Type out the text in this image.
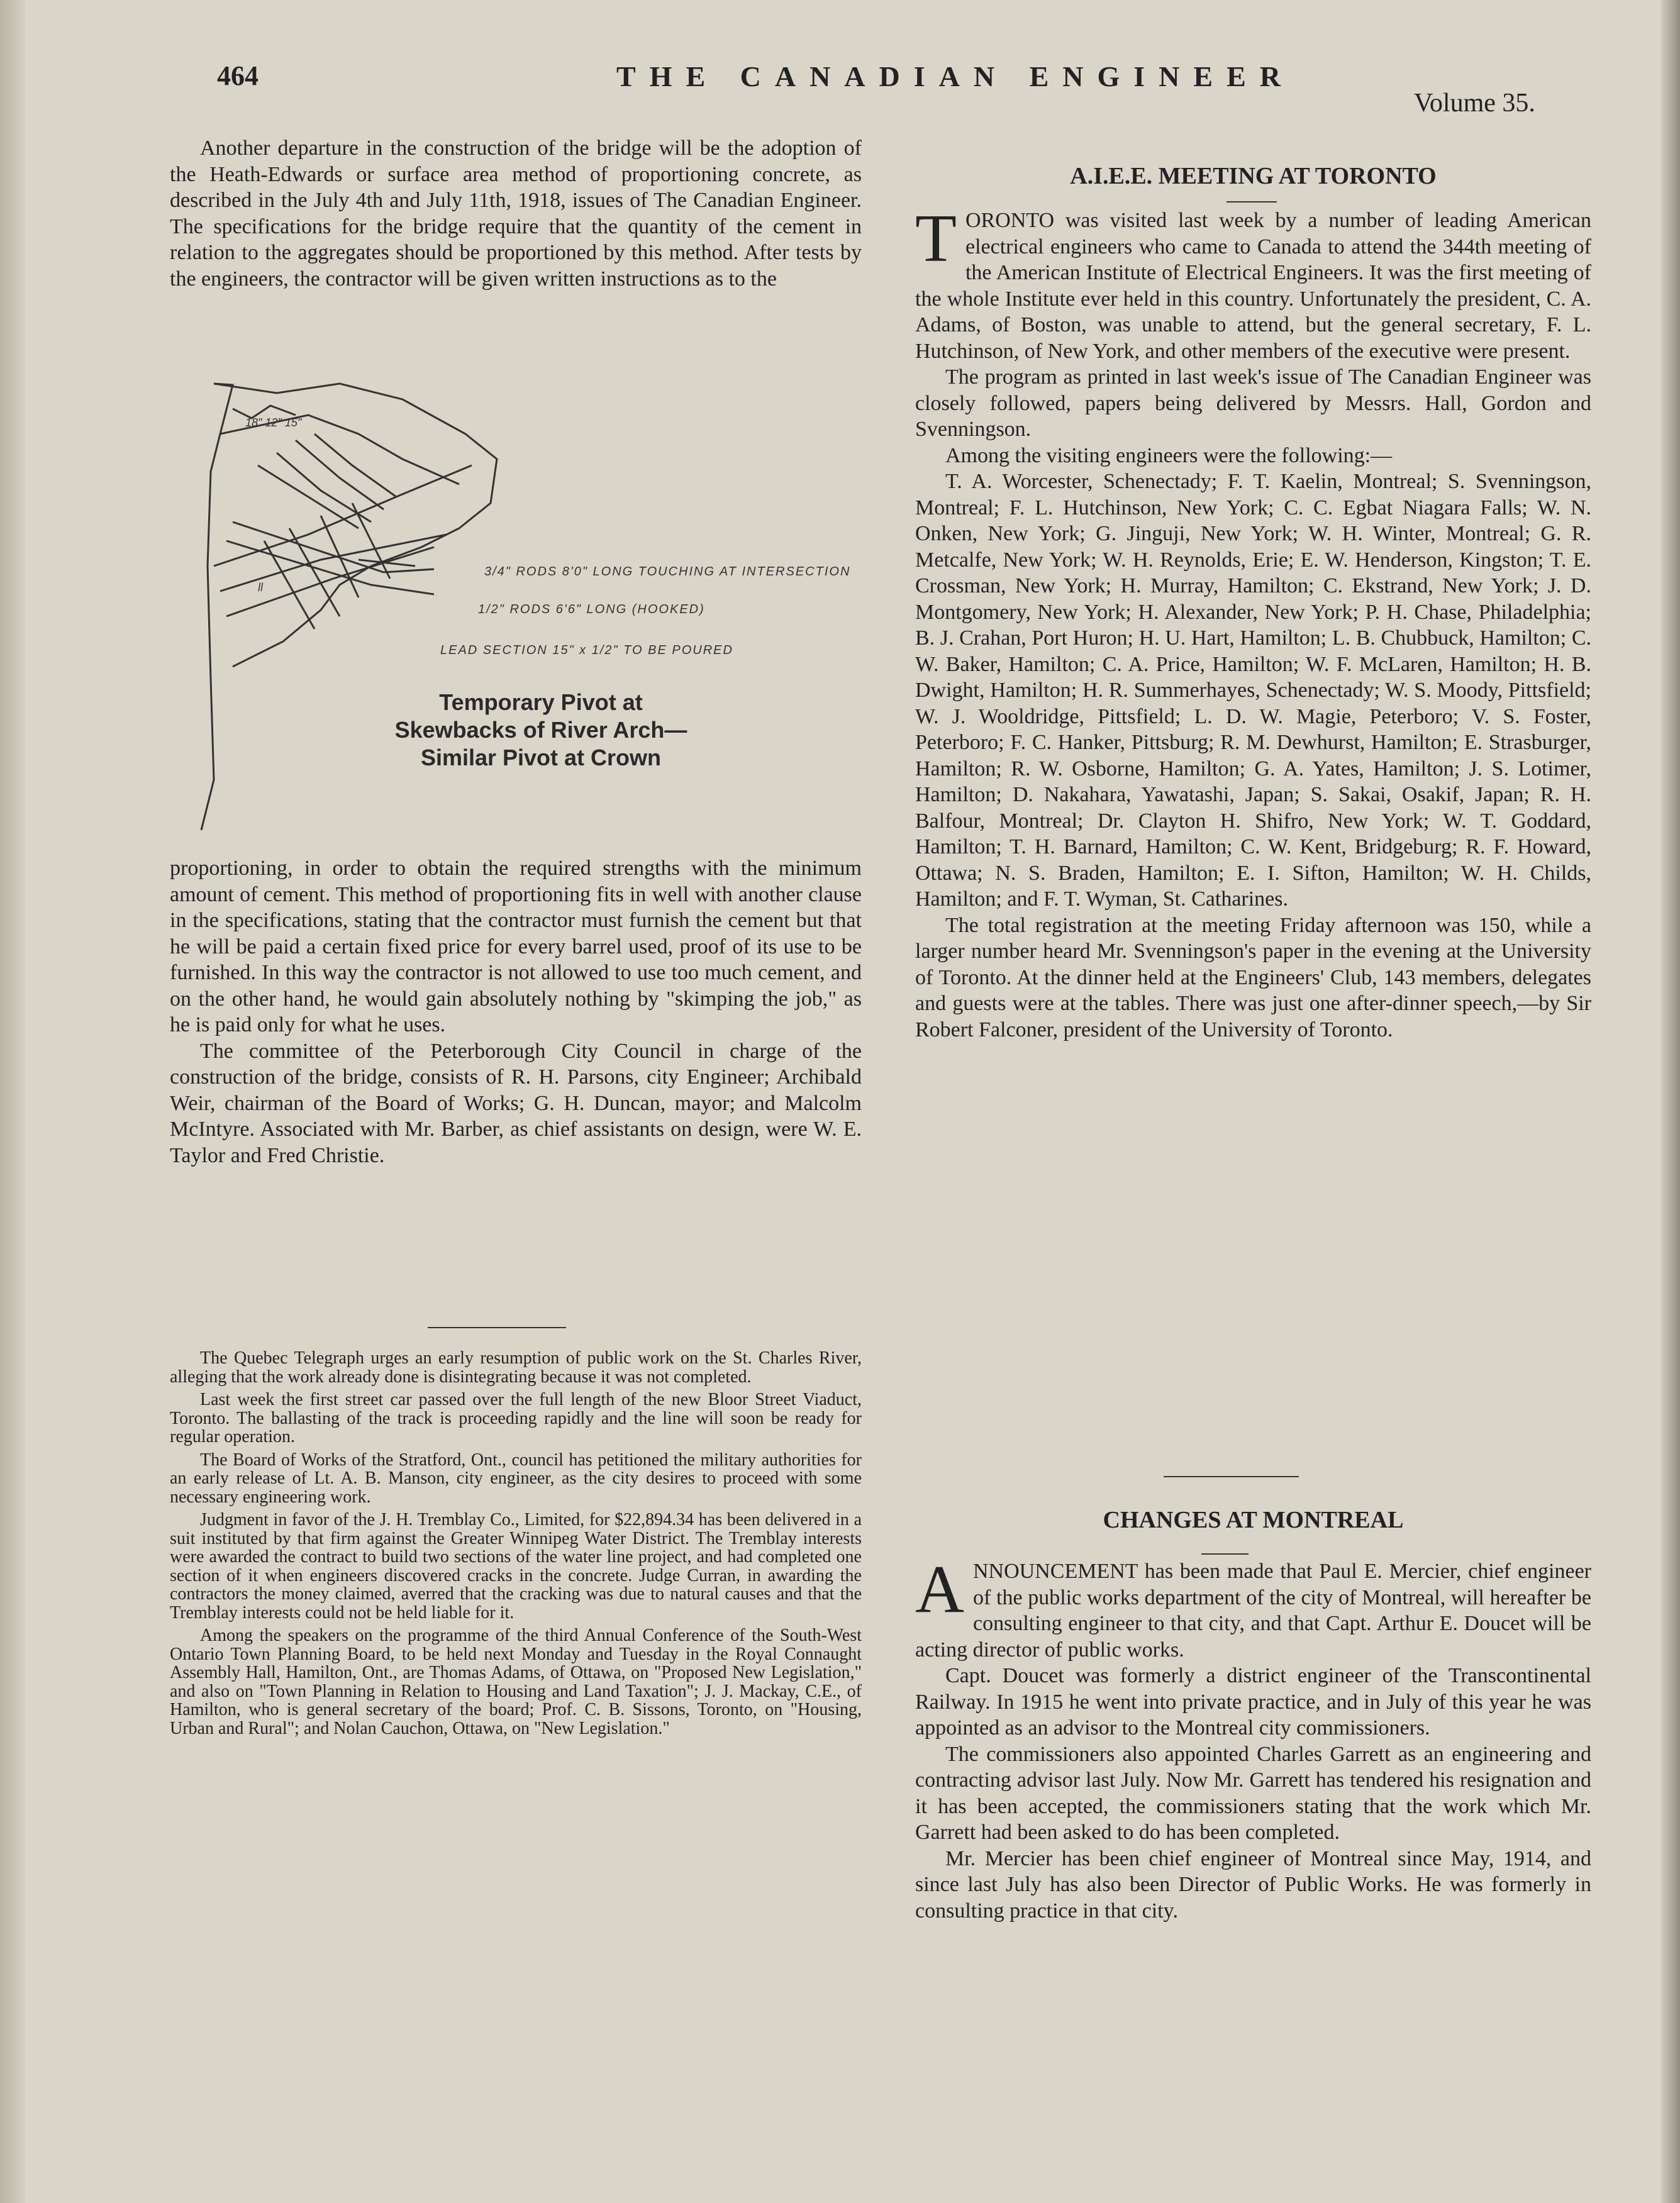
464	THE CANADIAN ENGINEER
Volume 35.

Another departure in the construction of the bridge will be the adoption of the Heath-Edwards or surface area method of proportioning concrete, as described in the July 4th and July 11th, 1918, issues of The Canadian Engineer. The specifications for the bridge require that the quantity of the cement in relation to the aggregates should be proportioned by this method. After tests by the engineers, the contractor will be given written instructions as to the

18" 12" 15"
ll
3/4" RODS 8'0" LONG TOUCHING AT INTERSECTION
1/2" RODS 6'6" LONG (HOOKED)
LEAD SECTION 15" x 1/2" TO BE POURED
Temporary Pivot at Skewbacks of River Arch—Similar Pivot at Crown

proportioning, in order to obtain the required strengths with the minimum amount of cement. This method of proportioning fits in well with another clause in the specifications, stating that the contractor must furnish the cement but that he will be paid a certain fixed price for every barrel used, proof of its use to be furnished. In this way the contractor is not allowed to use too much cement, and on the other hand, he would gain absolutely nothing by "skimping the job," as he is paid only for what he uses.

The committee of the Peterborough City Council in charge of the construction of the bridge, consists of R. H. Parsons, city Engineer; Archibald Weir, chairman of the Board of Works; G. H. Duncan, mayor; and Malcolm McIntyre. Associated with Mr. Barber, as chief assistants on design, were W. E. Taylor and Fred Christie.

The Quebec Telegraph urges an early resumption of public work on the St. Charles River, alleging that the work already done is disintegrating because it was not completed.

Last week the first street car passed over the full length of the new Bloor Street Viaduct, Toronto. The ballasting of the track is proceeding rapidly and the line will soon be ready for regular operation.

The Board of Works of the Stratford, Ont., council has petitioned the military authorities for an early release of Lt. A. B. Manson, city engineer, as the city desires to proceed with some necessary engineering work.

Judgment in favor of the J. H. Tremblay Co., Limited, for $22,894.34 has been delivered in a suit instituted by that firm against the Greater Winnipeg Water District. The Tremblay interests were awarded the contract to build two sections of the water line project, and had completed one section of it when engineers discovered cracks in the concrete. Judge Curran, in awarding the contractors the money claimed, averred that the cracking was due to natural causes and that the Tremblay interests could not be held liable for it.

Among the speakers on the programme of the third Annual Conference of the South-West Ontario Town Planning Board, to be held next Monday and Tuesday in the Royal Connaught Assembly Hall, Hamilton, Ont., are Thomas Adams, of Ottawa, on "Proposed New Legislation," and also on "Town Planning in Relation to Housing and Land Taxation"; J. J. Mackay, C.E., of Hamilton, who is general secretary of the board; Prof. C. B. Sissons, Toronto, on "Housing, Urban and Rural"; and Nolan Cauchon, Ottawa, on "New Legislation."

A.I.E.E. MEETING AT TORONTO

TORONTO was visited last week by a number of leading American electrical engineers who came to Canada to attend the 344th meeting of the American Institute of Electrical Engineers. It was the first meeting of the whole Institute ever held in this country. Unfortunately the president, C. A. Adams, of Boston, was unable to attend, but the general secretary, F. L. Hutchinson, of New York, and other members of the executive were present.

The program as printed in last week's issue of The Canadian Engineer was closely followed, papers being delivered by Messrs. Hall, Gordon and Svenningson.

Among the visiting engineers were the following:—

T. A. Worcester, Schenectady; F. T. Kaelin, Montreal; S. Svenningson, Montreal; F. L. Hutchinson, New York; C. C. Egbat Niagara Falls; W. N. Onken, New York; G. Jinguji, New York; W. H. Winter, Montreal; G. R. Metcalfe, New York; W. H. Reynolds, Erie; E. W. Henderson, Kingston; T. E. Crossman, New York; H. Murray, Hamilton; C. Ekstrand, New York; J. D. Montgomery, New York; H. Alexander, New York; P. H. Chase, Philadelphia; B. J. Crahan, Port Huron; H. U. Hart, Hamilton; L. B. Chubbuck, Hamilton; C. W. Baker, Hamilton; C. A. Price, Hamilton; W. F. McLaren, Hamilton; H. B. Dwight, Hamilton; H. R. Summerhayes, Schenectady; W. S. Moody, Pittsfield; W. J. Wooldridge, Pittsfield; L. D. W. Magie, Peterboro; V. S. Foster, Peterboro; F. C. Hanker, Pittsburg; R. M. Dewhurst, Hamilton; E. Strasburger, Hamilton; R. W. Osborne, Hamilton; G. A. Yates, Hamilton; J. S. Lotimer, Hamilton; D. Nakahara, Yawatashi, Japan; S. Sakai, Osakif, Japan; R. H. Balfour, Montreal; Dr. Clayton H. Shifro, New York; W. T. Goddard, Hamilton; T. H. Barnard, Hamilton; C. W. Kent, Bridgeburg; R. F. Howard, Ottawa; N. S. Braden, Hamilton; E. I. Sifton, Hamilton; W. H. Childs, Hamilton; and F. T. Wyman, St. Catharines.

The total registration at the meeting Friday afternoon was 150, while a larger number heard Mr. Svenningson's paper in the evening at the University of Toronto. At the dinner held at the Engineers' Club, 143 members, delegates and guests were at the tables. There was just one after-dinner speech,—by Sir Robert Falconer, president of the University of Toronto.

CHANGES AT MONTREAL

ANNOUNCEMENT has been made that Paul E. Mercier, chief engineer of the public works department of the city of Montreal, will hereafter be consulting engineer to that city, and that Capt. Arthur E. Doucet will be acting director of public works.

Capt. Doucet was formerly a district engineer of the Transcontinental Railway. In 1915 he went into private practice, and in July of this year he was appointed as an advisor to the Montreal city commissioners.

The commissioners also appointed Charles Garrett as an engineering and contracting advisor last July. Now Mr. Garrett has tendered his resignation and it has been accepted, the commissioners stating that the work which Mr. Garrett had been asked to do has been completed.

Mr. Mercier has been chief engineer of Montreal since May, 1914, and since last July has also been Director of Public Works. He was formerly in consulting practice in that city.
